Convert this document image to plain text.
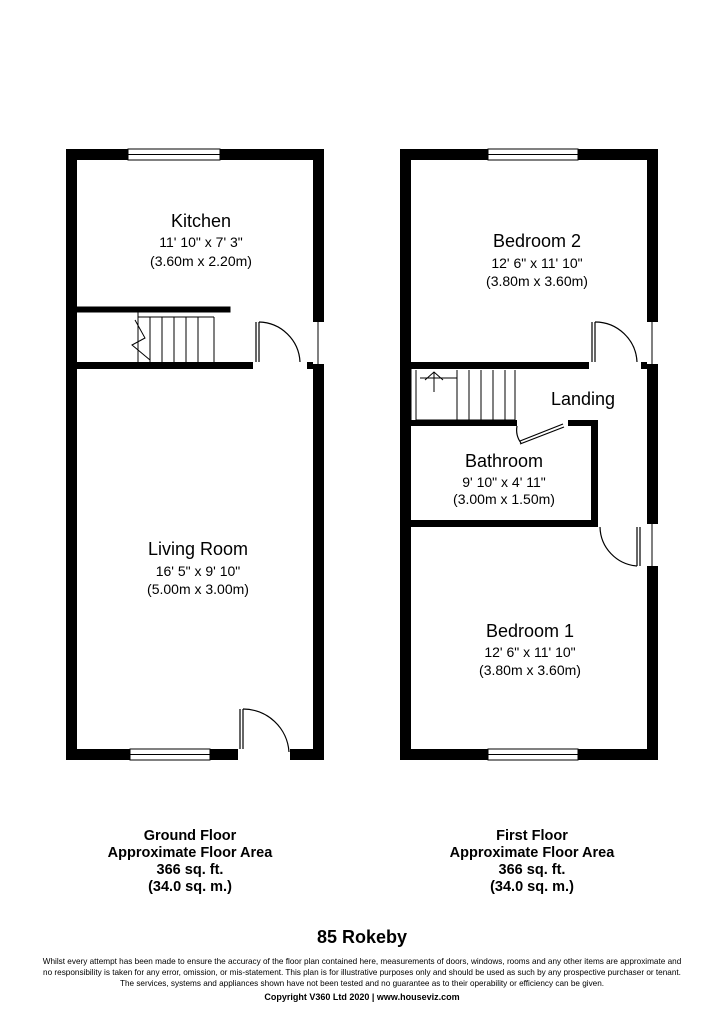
Kitchen
11' 10" x 7' 3"
(3.60m x 2.20m)
Living Room
16' 5" x 9' 10"
(5.00m x 3.00m)
Bedroom 2
12' 6" x 11' 10"
(3.80m x 3.60m)
Landing
Bathroom
9' 10" x 4' 11"
(3.00m x 1.50m)
Bedroom 1
12' 6" x 11' 10"
(3.80m x 3.60m)
Ground Floor
Approximate Floor Area
366 sq. ft.
(34.0 sq. m.)
First Floor
Approximate Floor Area
366 sq. ft.
(34.0 sq. m.)
85 Rokeby
Whilst every attempt has been made to ensure the accuracy of the floor plan contained here, measurements of doors, windows, rooms and any other items are approximate and
no responsibility is taken for any error, omission, or mis-statement. This plan is for illustrative purposes only and should be used as such by any prospective purchaser or tenant.
The services, systems and appliances shown have not been tested and no guarantee as to their operability or efficiency can be given.
Copyright V360 Ltd 2020 | www.houseviz.com
